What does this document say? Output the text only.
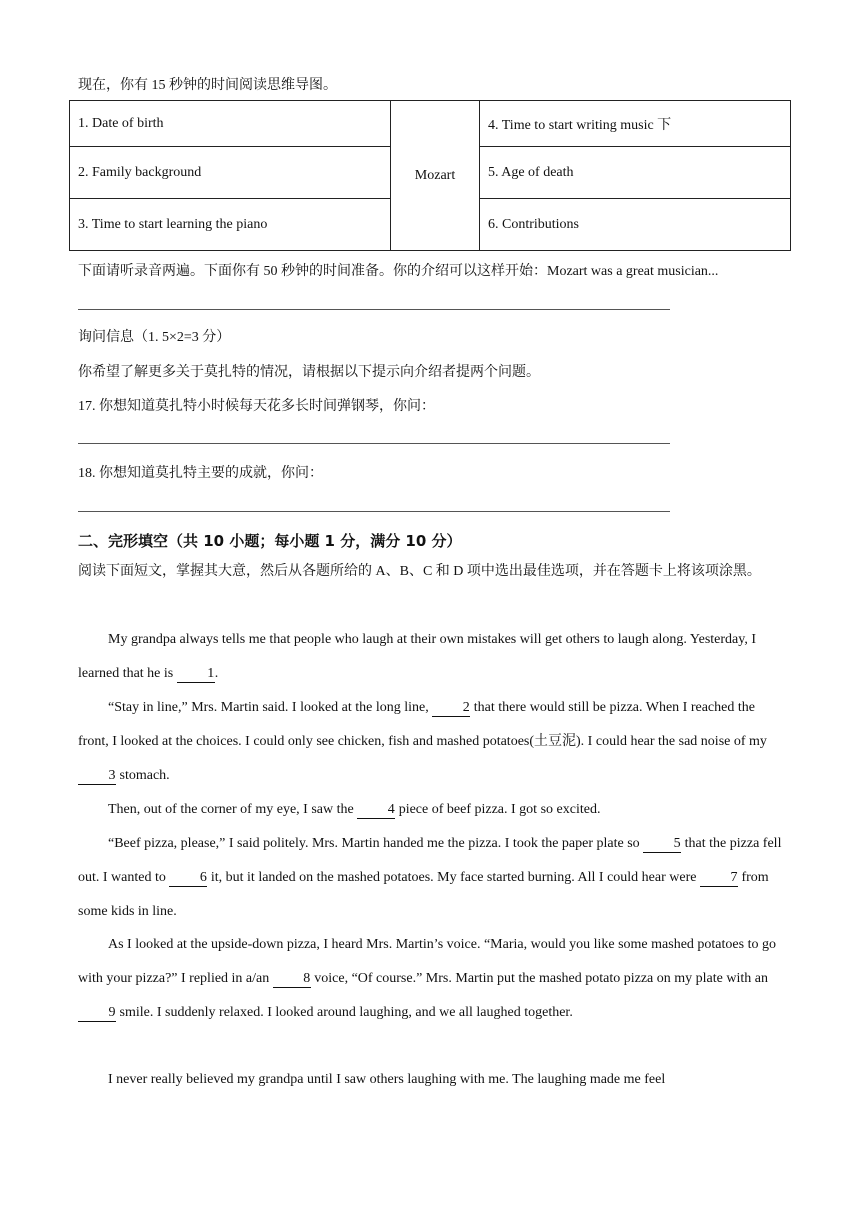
现在，你有 15 秒钟的时间阅读思维导图。
1. Date of birth	Mozart	4. Time to start writing music 下
2. Family background		5. Age of death
3. Time to start learning the piano		6. Contributions
下面请听录音两遍。下面你有 50 秒钟的时间准备。你的介绍可以这样开始：Mozart was a great musician...
询问信息（1. 5×2=3 分）
你希望了解更多关于莫扎特的情况，请根据以下提示向介绍者提两个问题。
17. 你想知道莫扎特小时候每天花多长时间弹钢琴，你问：
18. 你想知道莫扎特主要的成就，你问：
二、完形填空（共 10 小题；每小题 1 分，满分 10 分）
阅读下面短文，掌握其大意，然后从各题所给的 A、B、C 和 D 项中选出最佳选项，并在答题卡上将该项涂黑。
My grandpa always tells me that people who laugh at their own mistakes will get others to laugh along. Yesterday, I learned that he is 1.
“Stay in line,” Mrs. Martin said. I looked at the long line, 2 that there would still be pizza. When I reached the front, I looked at the choices. I could only see chicken, fish and mashed potatoes(土豆泥). I could hear the sad noise of my 3 stomach.
Then, out of the corner of my eye, I saw the 4 piece of beef pizza. I got so excited.
“Beef pizza, please,” I said politely. Mrs. Martin handed me the pizza. I took the paper plate so 5 that the pizza fell out. I wanted to 6 it, but it landed on the mashed potatoes. My face started burning. All I could hear were 7 from some kids in line.
As I looked at the upside-down pizza, I heard Mrs. Martin’s voice. “Maria, would you like some mashed potatoes to go with your pizza?” I replied in a/an 8 voice, “Of course.” Mrs. Martin put the mashed potato pizza on my plate with an 9 smile. I suddenly relaxed. I looked around laughing, and we all laughed together.
I never really believed my grandpa until I saw others laughing with me. The laughing made me feel
